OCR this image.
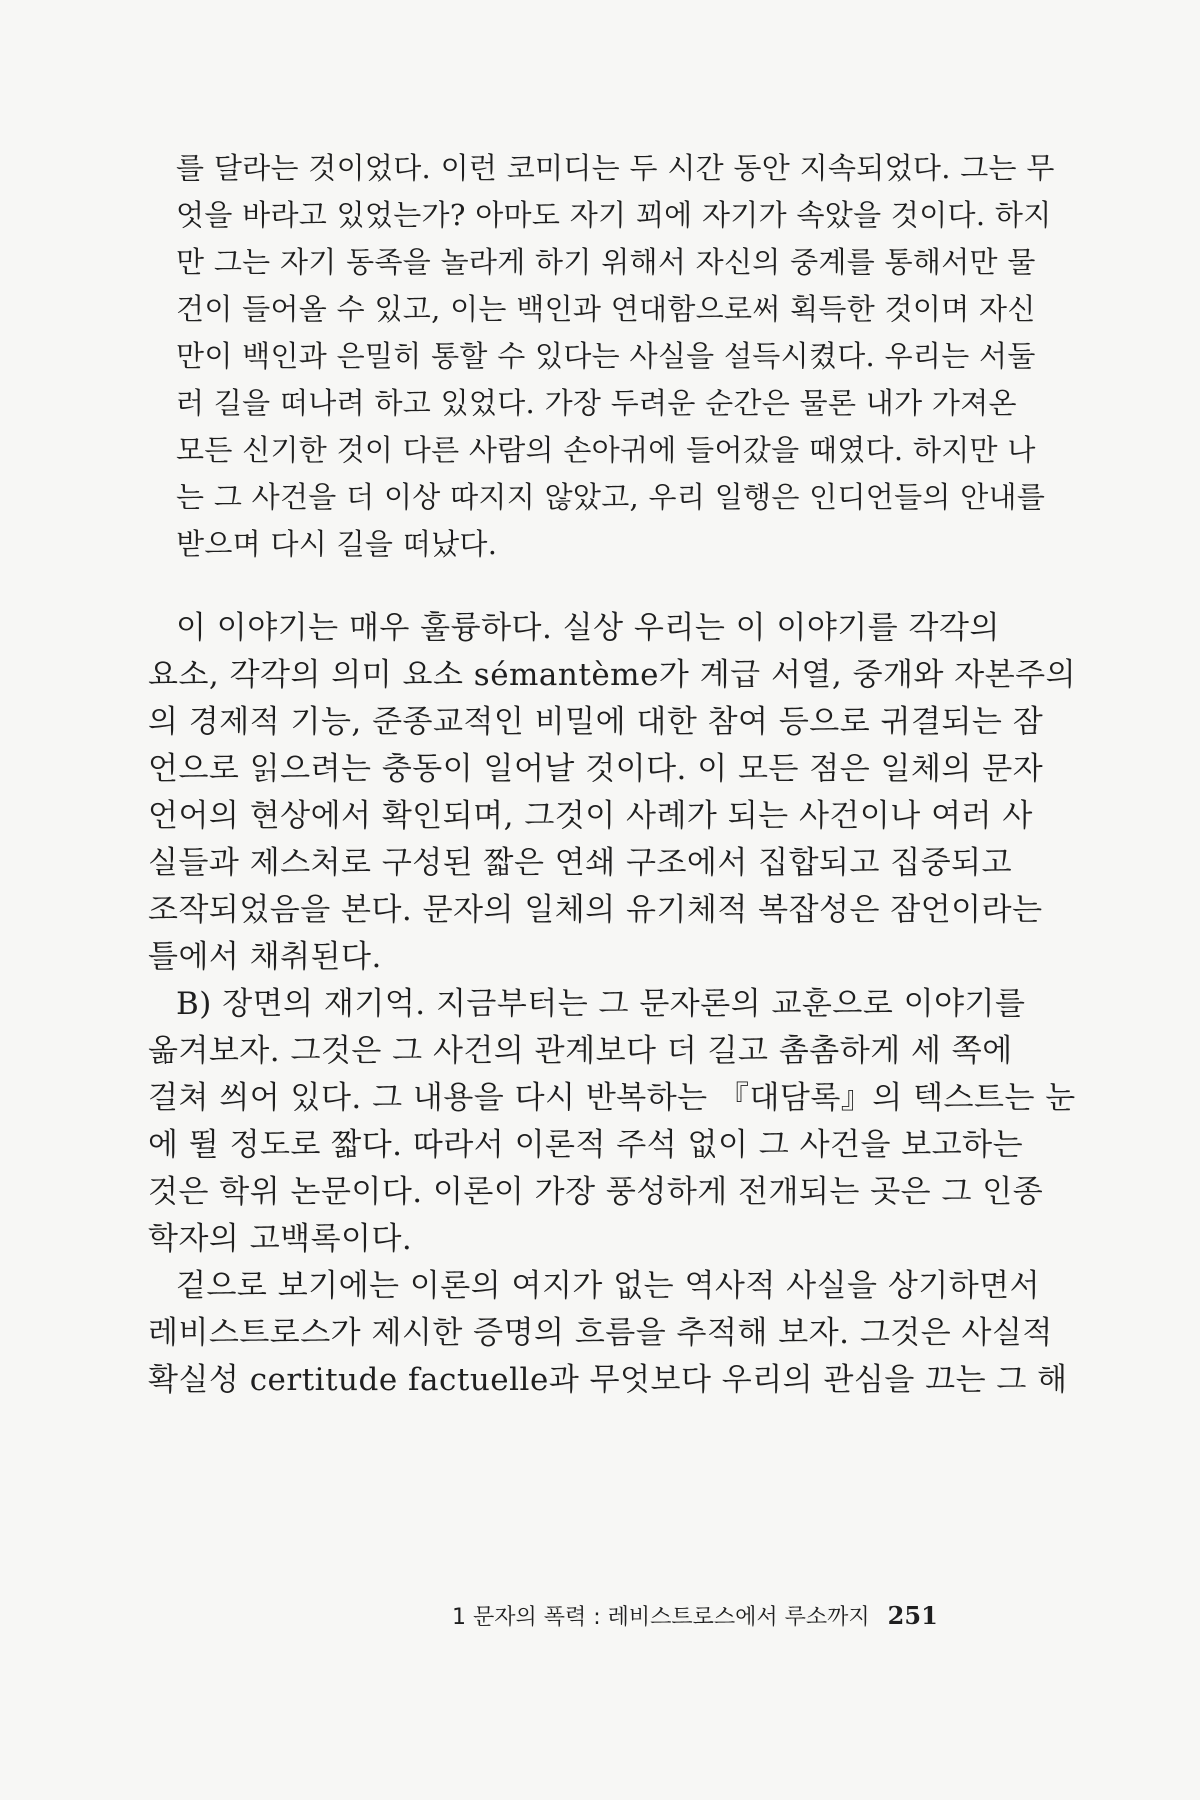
를 달라는 것이었다. 이런 코미디는 두 시간 동안 지속되었다. 그는 무
엇을 바라고 있었는가? 아마도 자기 꾀에 자기가 속았을 것이다. 하지
만 그는 자기 동족을 놀라게 하기 위해서 자신의 중계를 통해서만 물
건이 들어올 수 있고, 이는 백인과 연대함으로써 획득한 것이며 자신
만이 백인과 은밀히 통할 수 있다는 사실을 설득시켰다. 우리는 서둘
러 길을 떠나려 하고 있었다. 가장 두려운 순간은 물론 내가 가져온
모든 신기한 것이 다른 사람의 손아귀에 들어갔을 때였다. 하지만 나
는 그 사건을 더 이상 따지지 않았고, 우리 일행은 인디언들의 안내를
받으며 다시 길을 떠났다.
이 이야기는 매우 훌륭하다. 실상 우리는 이 이야기를 각각의
요소, 각각의 의미 요소 sémantème가 계급 서열, 중개와 자본주의
의 경제적 기능, 준종교적인 비밀에 대한 참여 등으로 귀결되는 잠
언으로 읽으려는 충동이 일어날 것이다. 이 모든 점은 일체의 문자
언어의 현상에서 확인되며, 그것이 사례가 되는 사건이나 여러 사
실들과 제스처로 구성된 짧은 연쇄 구조에서 집합되고 집중되고
조작되었음을 본다. 문자의 일체의 유기체적 복잡성은 잠언이라는
틀에서 채취된다.
B) 장면의 재기억. 지금부터는 그 문자론의 교훈으로 이야기를
옮겨보자. 그것은 그 사건의 관계보다 더 길고 촘촘하게 세 쪽에
걸쳐 씌어 있다. 그 내용을 다시 반복하는 『대담록』의 텍스트는 눈
에 뛸 정도로 짧다. 따라서 이론적 주석 없이 그 사건을 보고하는
것은 학위 논문이다. 이론이 가장 풍성하게 전개되는 곳은 그 인종
학자의 고백록이다.
겉으로 보기에는 이론의 여지가 없는 역사적 사실을 상기하면서
레비스트로스가 제시한 증명의 흐름을 추적해 보자. 그것은 사실적
확실성 certitude factuelle과 무엇보다 우리의 관심을 끄는 그 해
1 문자의 폭력 : 레비스트로스에서 루소까지 251
